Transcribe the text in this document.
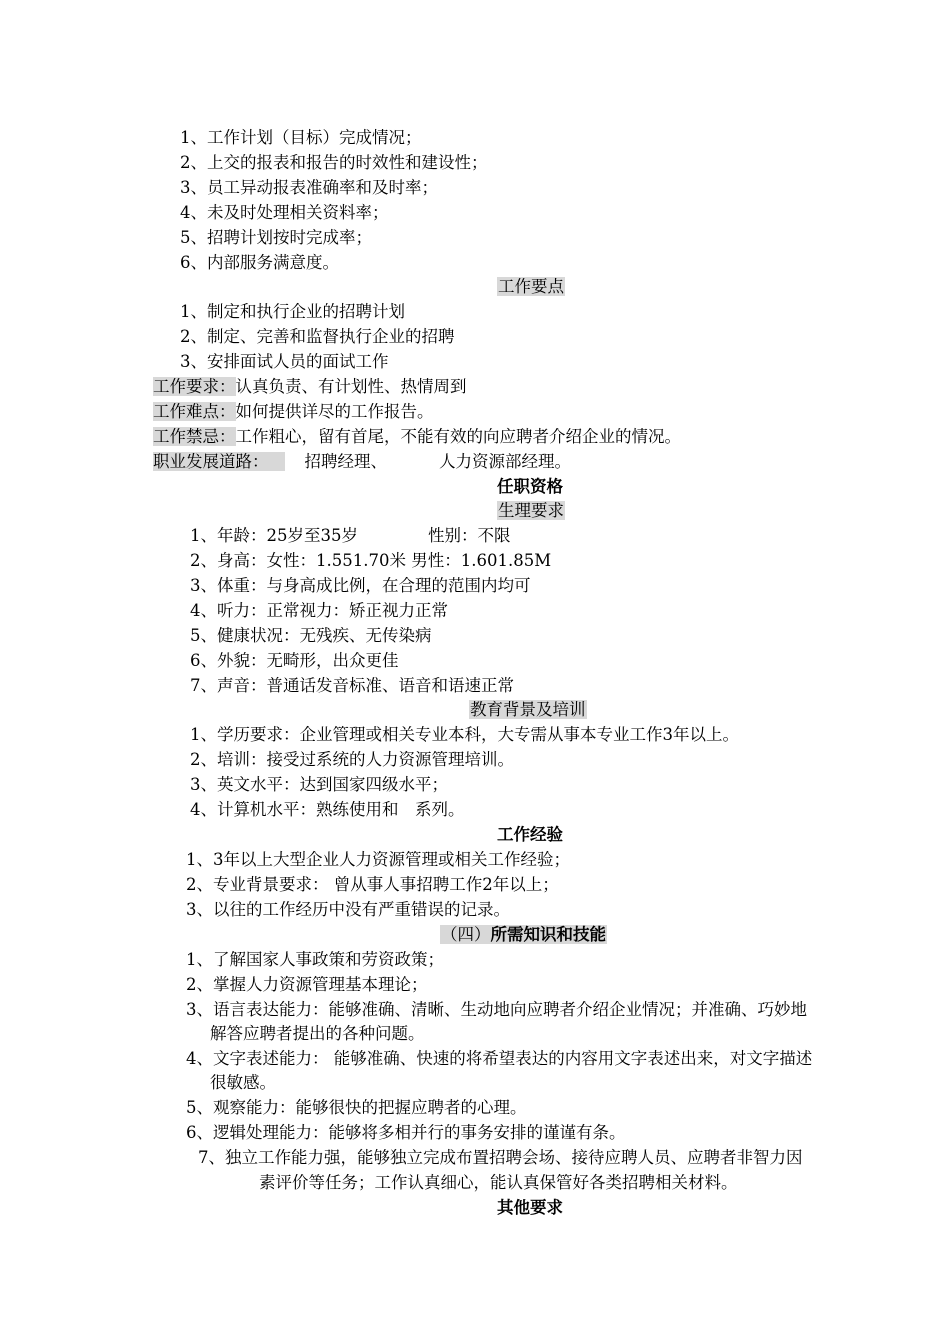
1、工作计划（目标）完成情况；
2、上交的报表和报告的时效性和建设性；
3、员工异动报表准确率和及时率；
4、未及时处理相关资料率；
5、招聘计划按时完成率；
6、内部服务满意度。
工作要点
1、制定和执行企业的招聘计划
2、制定、完善和监督执行企业的招聘
3、安排面试人员的面试工作
工作要求：认真负责、有计划性、热情周到
工作难点：如何提供详尽的工作报告。
工作禁忌：工作粗心，留有首尾，不能有效的向应聘者介绍企业的情况。
职业发展道路： 招聘经理、	人力资源部经理。
任职资格
生理要求
1、年龄：25岁至35岁	性别：不限
2、身高：女性：1.551.70米 男性：1.601.85M
3、体重：与身高成比例，在合理的范围内均可
4、听力：正常视力：矫正视力正常
5、健康状况：无残疾、无传染病
6、外貌：无畸形，出众更佳
7、声音：普通话发音标准、语音和语速正常
教育背景及培训
1、学历要求：企业管理或相关专业本科，大专需从事本专业工作3年以上。
2、培训：接受过系统的人力资源管理培训。
3、英文水平：达到国家四级水平；
4、计算机水平：熟练使用和　系列。
工作经验
1、3年以上大型企业人力资源管理或相关工作经验；
2、专业背景要求： 曾从事人事招聘工作2年以上；
3、以往的工作经历中没有严重错误的记录。
（四）所需知识和技能
1、了解国家人事政策和劳资政策；
2、掌握人力资源管理基本理论；
3、语言表达能力：能够准确、清晰、生动地向应聘者介绍企业情况；并准确、巧妙地
解答应聘者提出的各种问题。
4、文字表述能力： 能够准确、快速的将希望表达的内容用文字表述出来，对文字描述
很敏感。
5、观察能力：能够很快的把握应聘者的心理。
6、逻辑处理能力：能够将多相并行的事务安排的谨谨有条。
7、独立工作能力强，能够独立完成布置招聘会场、接待应聘人员、应聘者非智力因
素评价等任务；工作认真细心，能认真保管好各类招聘相关材料。
其他要求
